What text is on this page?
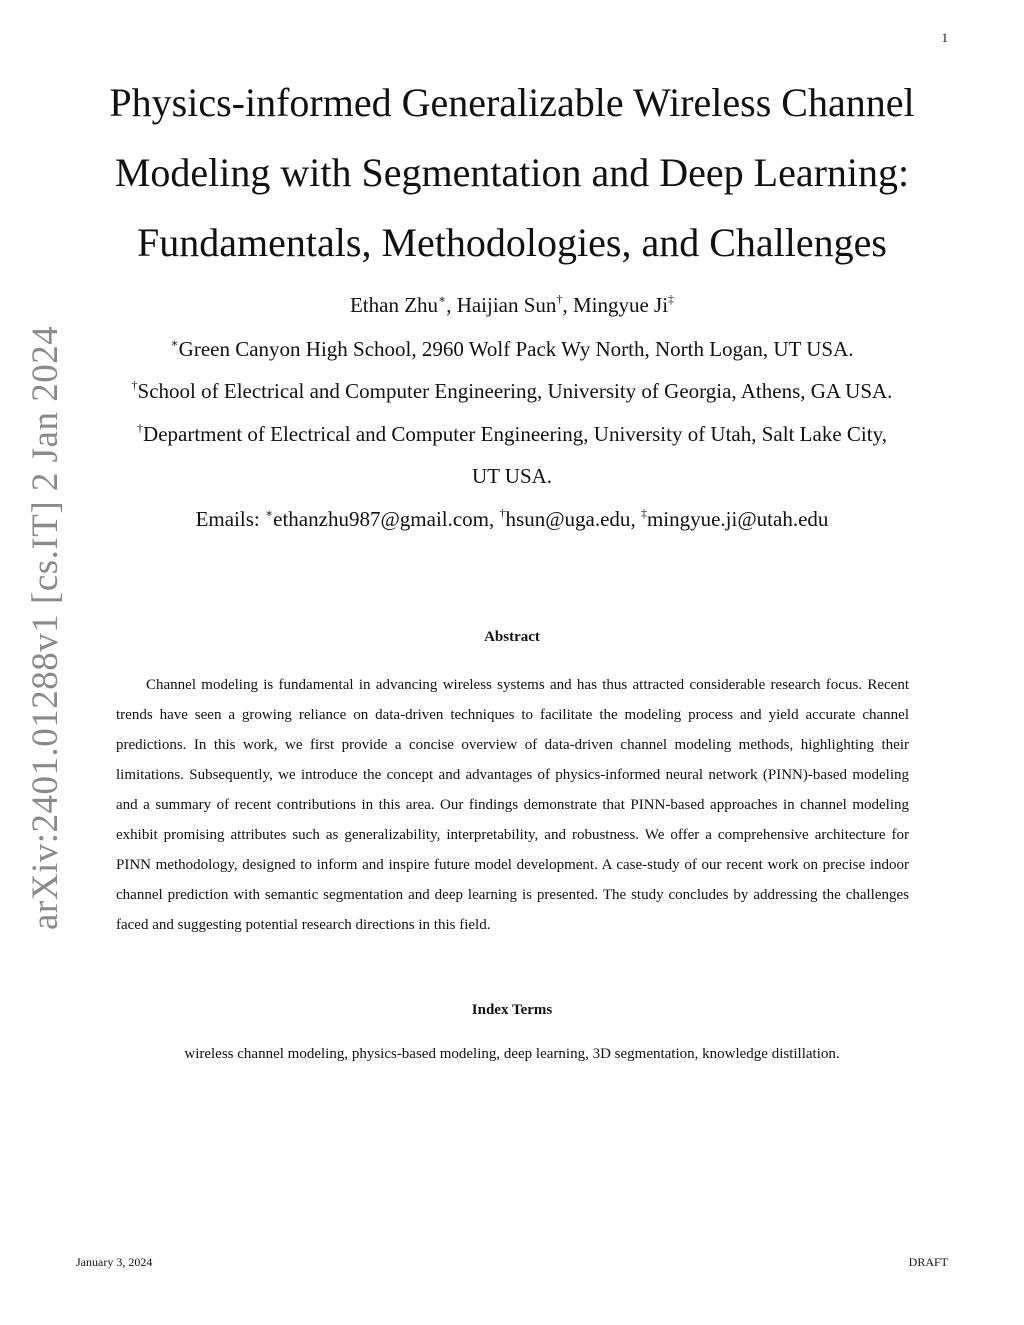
1
arXiv:2401.01288v1 [cs.IT] 2 Jan 2024
Physics-informed Generalizable Wireless Channel
Modeling with Segmentation and Deep Learning:
Fundamentals, Methodologies, and Challenges
Ethan Zhu∗, Haijian Sun†, Mingyue Ji‡
∗Green Canyon High School, 2960 Wolf Pack Wy North, North Logan, UT USA.
†School of Electrical and Computer Engineering, University of Georgia, Athens, GA USA.
†Department of Electrical and Computer Engineering, University of Utah, Salt Lake City,
UT USA.
Emails: ∗ethanzhu987@gmail.com, †hsun@uga.edu, ‡mingyue.ji@utah.edu
Abstract

Channel modeling is fundamental in advancing wireless systems and has thus attracted considerable research focus. Recent trends have seen a growing reliance on data-driven techniques to facilitate the modeling process and yield accurate channel predictions. In this work, we first provide a concise overview of data-driven channel modeling methods, highlighting their limitations. Subsequently, we introduce the concept and advantages of physics-informed neural network (PINN)-based modeling and a summary of recent contributions in this area. Our findings demonstrate that PINN-based approaches in channel modeling exhibit promising attributes such as generalizability, interpretability, and robustness. We offer a comprehensive architecture for PINN methodology, designed to inform and inspire future model development. A case-study of our recent work on precise indoor channel prediction with semantic segmentation and deep learning is presented. The study concludes by addressing the challenges faced and suggesting potential research directions in this field.

Index Terms
wireless channel modeling, physics-based modeling, deep learning, 3D segmentation, knowledge distillation.
January 3, 2024	DRAFT
